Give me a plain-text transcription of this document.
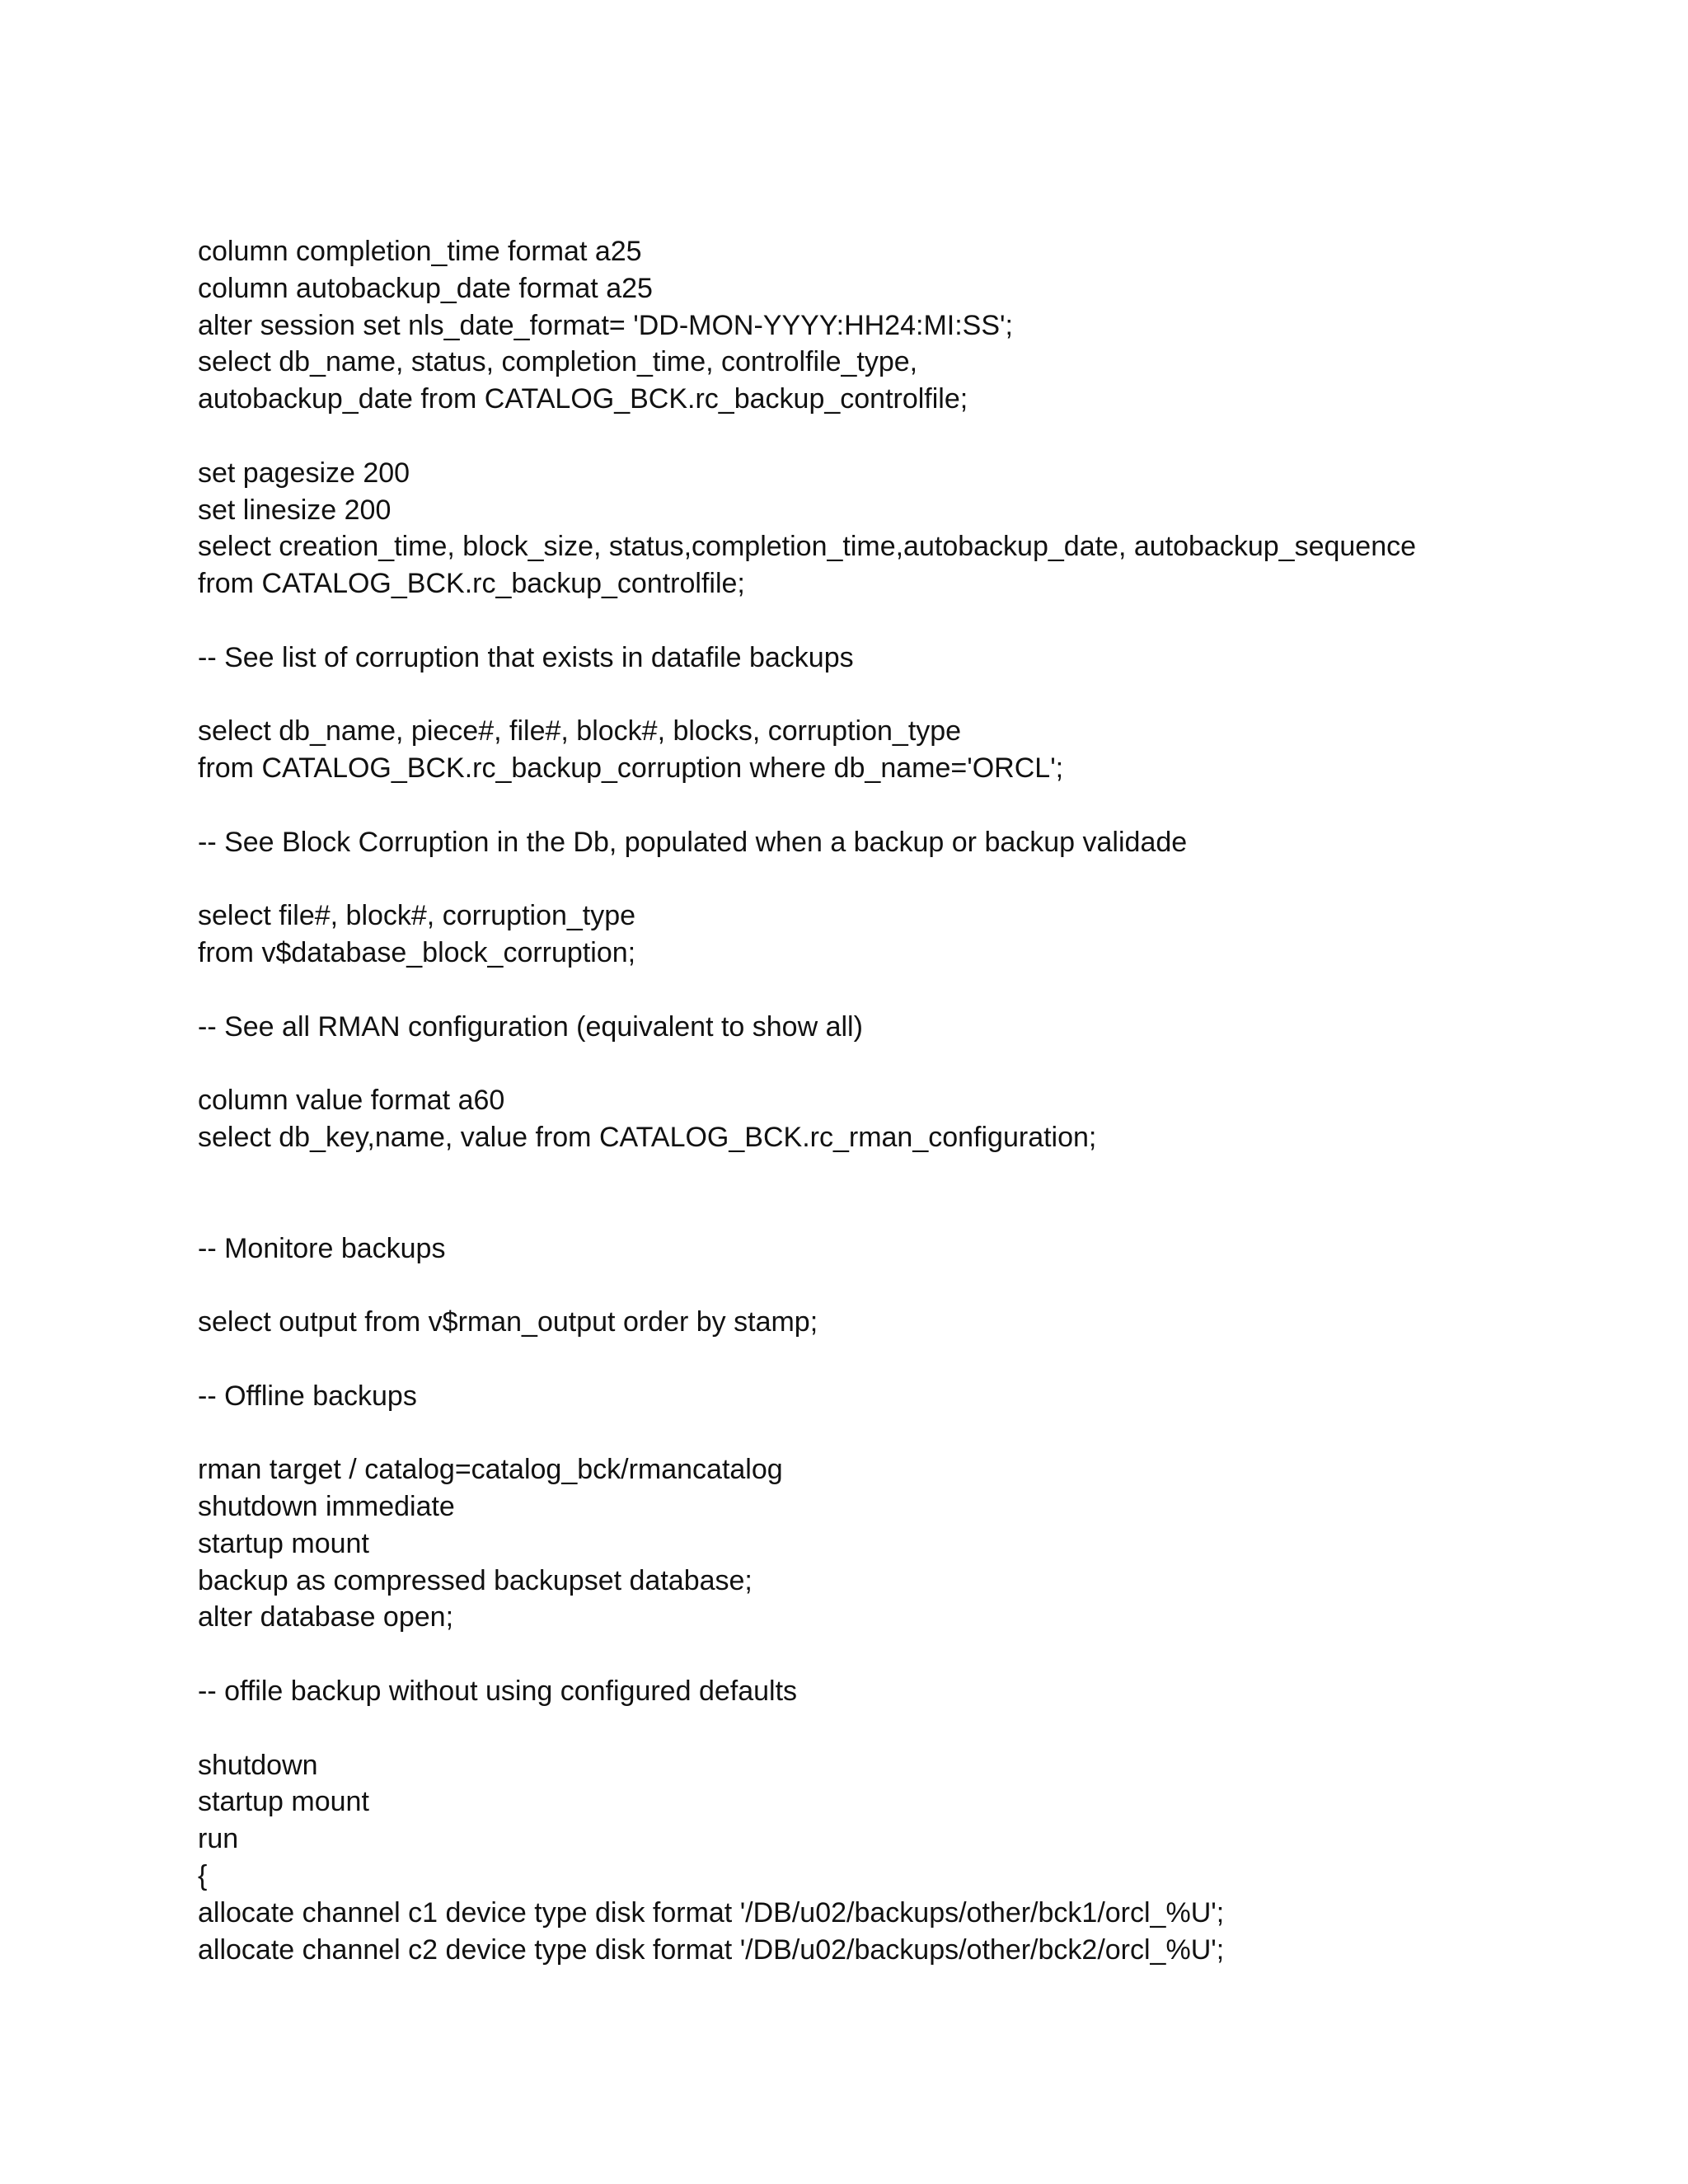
column completion_time format a25
column autobackup_date format a25
alter session set nls_date_format= 'DD-MON-YYYY:HH24:MI:SS';
select db_name, status, completion_time, controlfile_type,
autobackup_date from CATALOG_BCK.rc_backup_controlfile;
set pagesize 200
set linesize 200
select creation_time, block_size, status,completion_time,autobackup_date, autobackup_sequence
from CATALOG_BCK.rc_backup_controlfile;
-- See list of corruption that exists in datafile backups
select db_name, piece#, file#, block#, blocks, corruption_type
from CATALOG_BCK.rc_backup_corruption where db_name='ORCL';
-- See Block Corruption in the Db, populated when a backup or backup validade
select file#, block#, corruption_type
from v$database_block_corruption;
-- See all RMAN configuration (equivalent to show all)
column value format a60
select db_key,name, value from CATALOG_BCK.rc_rman_configuration;
-- Monitore backups
select output from v$rman_output order by stamp;
-- Offline backups
rman target / catalog=catalog_bck/rmancatalog
shutdown immediate
startup mount
backup as compressed backupset database;
alter database open;
-- offile backup without using configured defaults
shutdown
startup mount
run
{
allocate channel c1 device type disk format '/DB/u02/backups/other/bck1/orcl_%U';
allocate channel c2 device type disk format '/DB/u02/backups/other/bck2/orcl_%U';
